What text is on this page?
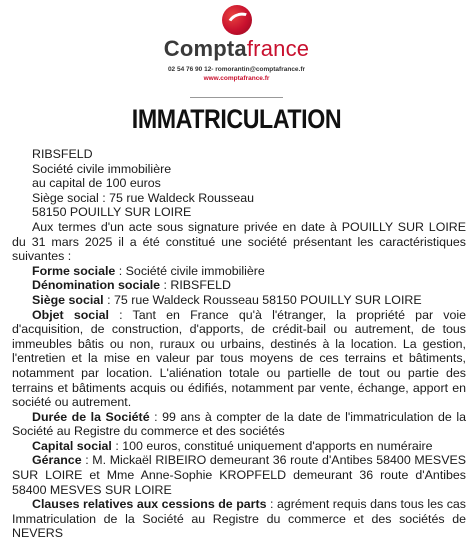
Comptafrance
02 54 76 90 12- romorantin@comptafrance.fr
www.comptafrance.fr
IMMATRICULATION

RIBSFELD

Société civile immobilière

au capital de 100 euros

Siège social : 75 rue Waldeck Rousseau

58150 POUILLY SUR LOIRE

Aux termes d'un acte sous signature privée en date à POUILLY SUR LOIRE du 31 mars 2025 il a été constitué une société présentant les caractéristiques suivantes :

Forme sociale : Société civile immobilière

Dénomination sociale : RIBSFELD

Siège social : 75 rue Waldeck Rousseau 58150 POUILLY SUR LOIRE

Objet social : Tant en France qu'à l'étranger, la propriété par voie d'acquisition, de construction, d'apports, de crédit-bail ou autrement, de tous immeubles bâtis ou non, ruraux ou urbains, destinés à la location. La gestion, l'entretien et la mise en valeur par tous moyens de ces terrains et bâtiments, notamment par location. L'aliénation totale ou partielle de tout ou partie des terrains et bâtiments acquis ou édifiés, notamment par vente, échange, apport en société ou autrement.

Durée de la Société : 99 ans à compter de la date de l'immatriculation de la Société au Registre du commerce et des sociétés

Capital social : 100 euros, constitué uniquement d'apports en numéraire

Gérance : M. Mickaël RIBEIRO demeurant 36 route d'Antibes 58400 MESVES SUR LOIRE et Mme Anne-Sophie KROPFELD demeurant 36 route d'Antibes 58400 MESVES SUR LOIRE

Clauses relatives aux cessions de parts : agrément requis dans tous les cas Immatriculation de la Société au Registre du commerce et des sociétés de NEVERS
